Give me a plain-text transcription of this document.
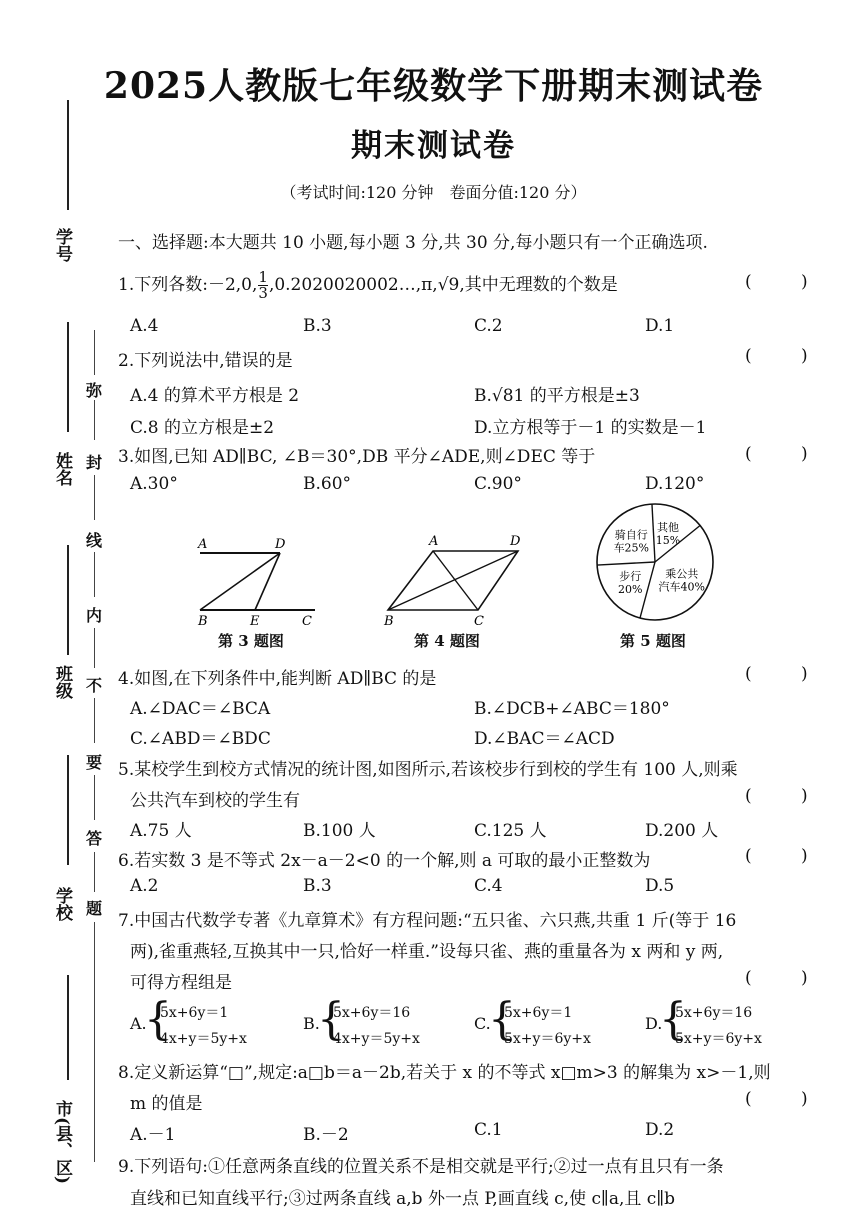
2025人教版七年级数学下册期末测试卷
期末测试卷
（考试时间:120 分钟　卷面分值:120 分）
学号
姓名
班级
学校
市(县、区)
弥
封
线
内
不
要
答
题
一、选择题:本大题共 10 小题,每小题 3 分,共 30 分,每小题只有一个正确选项.
1.下列各数:－2,0, $\frac{1}{3}$ ,0.2020020002…,π,√9,其中无理数的个数是	( )
A.4	B.3	C.2	D.1
2.下列说法中,错误的是	( )
A.4 的算术平方根是 2	B.√81 的平方根是±3
C.8 的立方根是±2	D.立方根等于－1 的实数是－1
3.如图,已知 AD∥BC, ∠B＝30°,DB 平分∠ADE,则∠DEC 等于	( )
A.30°	B.60°	C.90°	D.120°
A	D
B	E	C
第 3 题图
A	D
B	C
第 4 题图
其他
15%
乘公共
汽车40%
步行
20%
骑自行
车25%
第 5 题图
4.如图,在下列条件中,能判断 AD∥BC 的是	( )
A.∠DAC＝∠BCA	B.∠DCB+∠ABC＝180°
C.∠ABD＝∠BDC	D.∠BAC＝∠ACD
5.某校学生到校方式情况的统计图,如图所示,若该校步行到校的学生有 100 人,则乘
公共汽车到校的学生有	( )
A.75 人	B.100 人	C.125 人	D.200 人
6.若实数 3 是不等式 2x－a－2<0 的一个解,则 a 可取的最小正整数为	( )
A.2	B.3	C.4	D.5
7.中国古代数学专著《九章算术》有方程问题:“五只雀、六只燕,共重 1 斤(等于 16
两),雀重燕轻,互换其中一只,恰好一样重.”设每只雀、燕的重量各为 x 两和 y 两,
可得方程组是	( )
A.
{
5x+6y＝1
4x+y＝5y+x
B.
{
5x+6y＝16
4x+y＝5y+x
C.
{
5x+6y＝1
5x+y＝6y+x
D.
{
5x+6y＝16
5x+y＝6y+x
8.定义新运算“□”,规定:a□b＝a－2b,若关于 x 的不等式 x□m>3 的解集为 x>－1,则
m 的值是	( )
A.－1	B.－2	C.1	D.2
9.下列语句:①任意两条直线的位置关系不是相交就是平行;②过一点有且只有一条
直线和已知直线平行;③过两条直线 a,b 外一点 P,画直线 c,使 c∥a,且 c∥b
